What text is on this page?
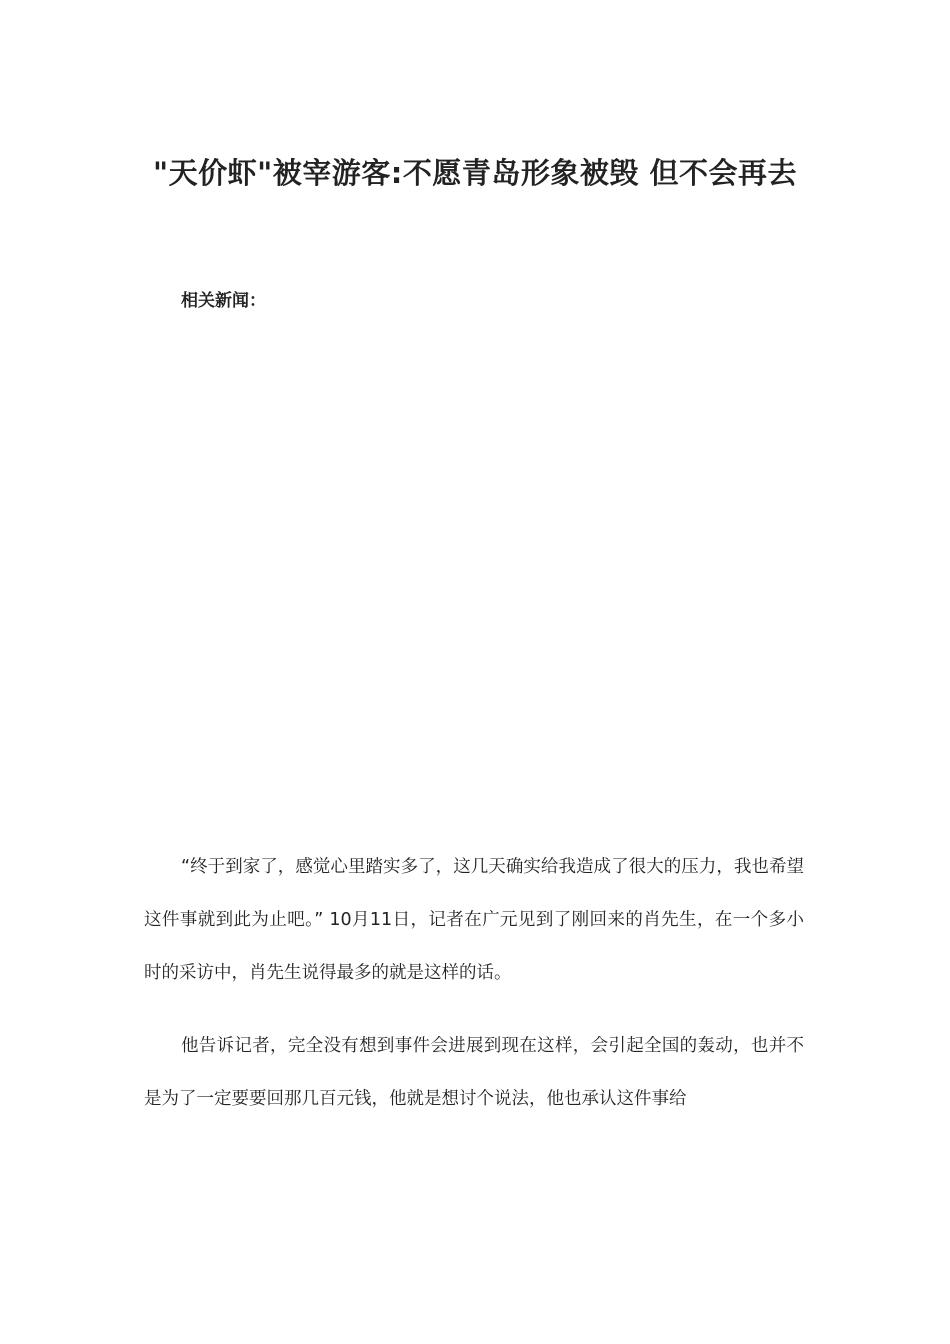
"天价虾"被宰游客:不愿青岛形象被毁 但不会再去

相关新闻：

“终于到家了，感觉心里踏实多了，这几天确实给我造成了很大的压力，我也希望这件事就到此为止吧。” 10月11日，记者在广元见到了刚回来的肖先生，在一个多小时的采访中，肖先生说得最多的就是这样的话。

他告诉记者，完全没有想到事件会进展到现在这样，会引起全国的轰动，也并不是为了一定要要回那几百元钱，他就是想讨个说法，他也承认这件事给
